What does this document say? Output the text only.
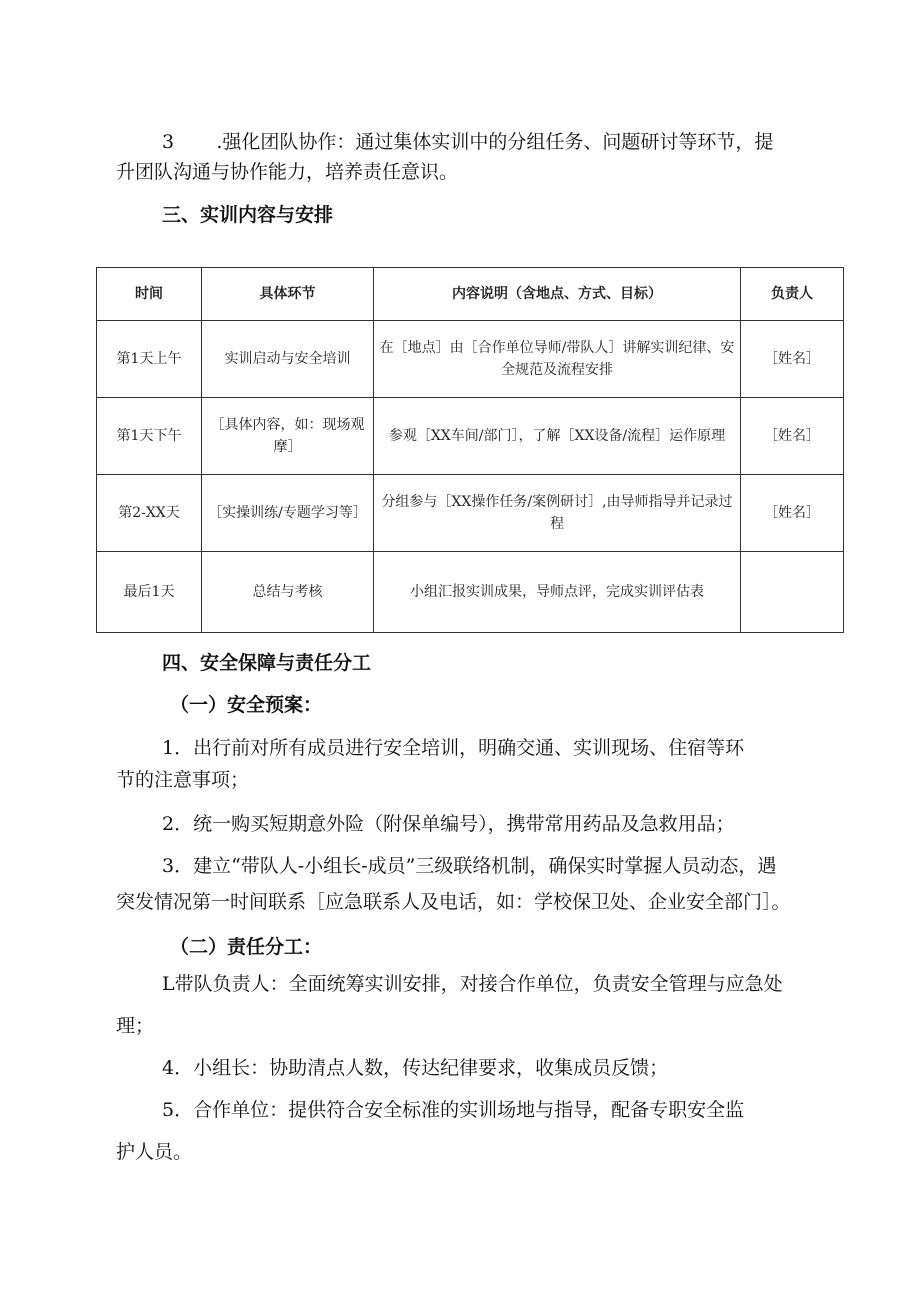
3       .强化团队协作：通过集体实训中的分组任务、问题研讨等环节，提

升团队沟通与协作能力，培养责任意识。

三、实训内容与安排
时间	具体环节	内容说明（含地点、方式、目标）	负责人
第1天上午	实训启动与安全培训	在［地点］由［合作单位导师/带队人］讲解实训纪律、安全规范及流程安排	［姓名］
第1天下午	［具体内容，如：现场观摩］	参观［XX车间/部门］，了解［XX设备/流程］运作原理	［姓名］
第2-XX天	［实操训练/专题学习等］	分组参与［XX操作任务/案例研讨］,由导师指导并记录过程	［姓名］
最后1天	总结与考核	小组汇报实训成果，导师点评，完成实训评估表	
四、安全保障与责任分工
（一）安全预案：

1．出行前对所有成员进行安全培训，明确交通、实训现场、住宿等环

节的注意事项；

2．统一购买短期意外险（附保单编号），携带常用药品及急救用品；

3．建立“带队人-小组长-成员”三级联络机制，确保实时掌握人员动态，遇

突发情况第一时间联系［应急联系人及电话，如：学校保卫处、企业安全部门］。

（二）责任分工：

L带队负责人：全面统筹实训安排，对接合作单位，负责安全管理与应急处

理；

4．小组长：协助清点人数，传达纪律要求，收集成员反馈；

5．合作单位：提供符合安全标准的实训场地与指导，配备专职安全监

护人员。
